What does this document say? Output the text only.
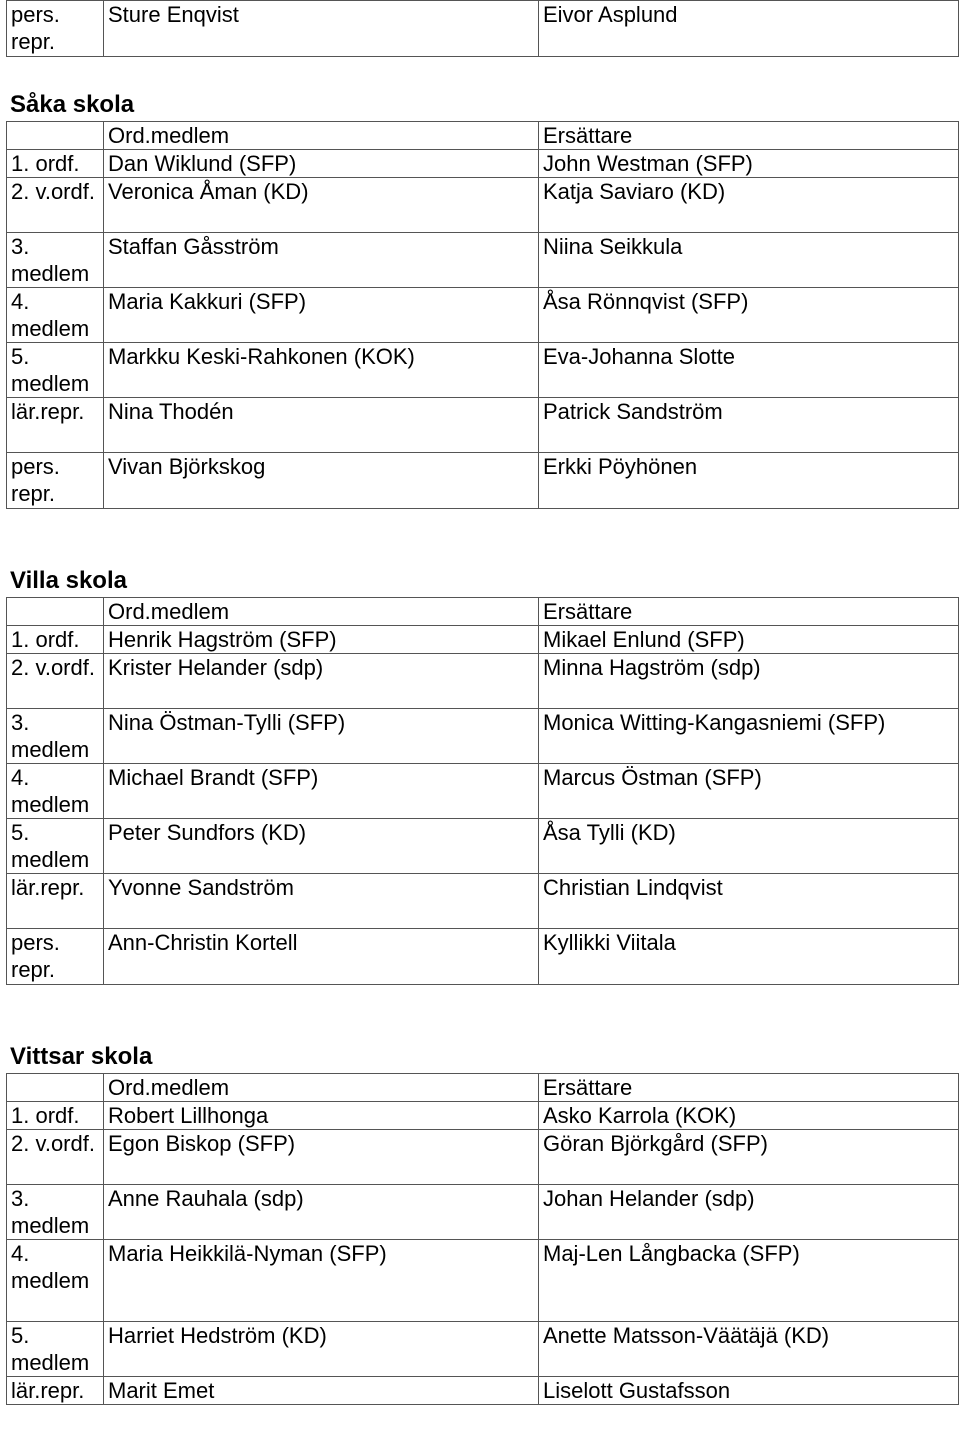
pers. repr.	Sture Enqvist	Eivor Asplund
Såka skola
	Ord.medlem	Ersättare
1. ordf.	Dan Wiklund (SFP)	John Westman (SFP)
2. v.ordf.	Veronica Åman (KD)	Katja Saviaro (KD)
3. medlem	Staffan Gåsström	Niina Seikkula
4. medlem	Maria Kakkuri (SFP)	Åsa Rönnqvist (SFP)
5. medlem	Markku Keski-Rahkonen (KOK)	Eva-Johanna Slotte
lär.repr.	Nina Thodén	Patrick Sandström
pers. repr.	Vivan Björkskog	Erkki Pöyhönen
Villa skola
	Ord.medlem	Ersättare
1. ordf.	Henrik Hagström (SFP)	Mikael Enlund (SFP)
2. v.ordf.	Krister Helander (sdp)	Minna Hagström (sdp)
3. medlem	Nina Östman-Tylli (SFP)	Monica Witting-Kangasniemi (SFP)
4. medlem	Michael Brandt (SFP)	Marcus Östman (SFP)
5. medlem	Peter Sundfors (KD)	Åsa Tylli (KD)
lär.repr.	Yvonne Sandström	Christian Lindqvist
pers. repr.	Ann-Christin Kortell	Kyllikki Viitala
Vittsar skola
	Ord.medlem	Ersättare
1. ordf.	Robert Lillhonga	Asko Karrola (KOK)
2. v.ordf.	Egon Biskop (SFP)	Göran Björkgård (SFP)
3. medlem	Anne Rauhala (sdp)	Johan Helander (sdp)
4. medlem	Maria Heikkilä-Nyman (SFP)	Maj-Len Långbacka (SFP)
5. medlem	Harriet Hedström (KD)	Anette Matsson-Väätäjä (KD)
lär.repr.	Marit Emet	Liselott Gustafsson
